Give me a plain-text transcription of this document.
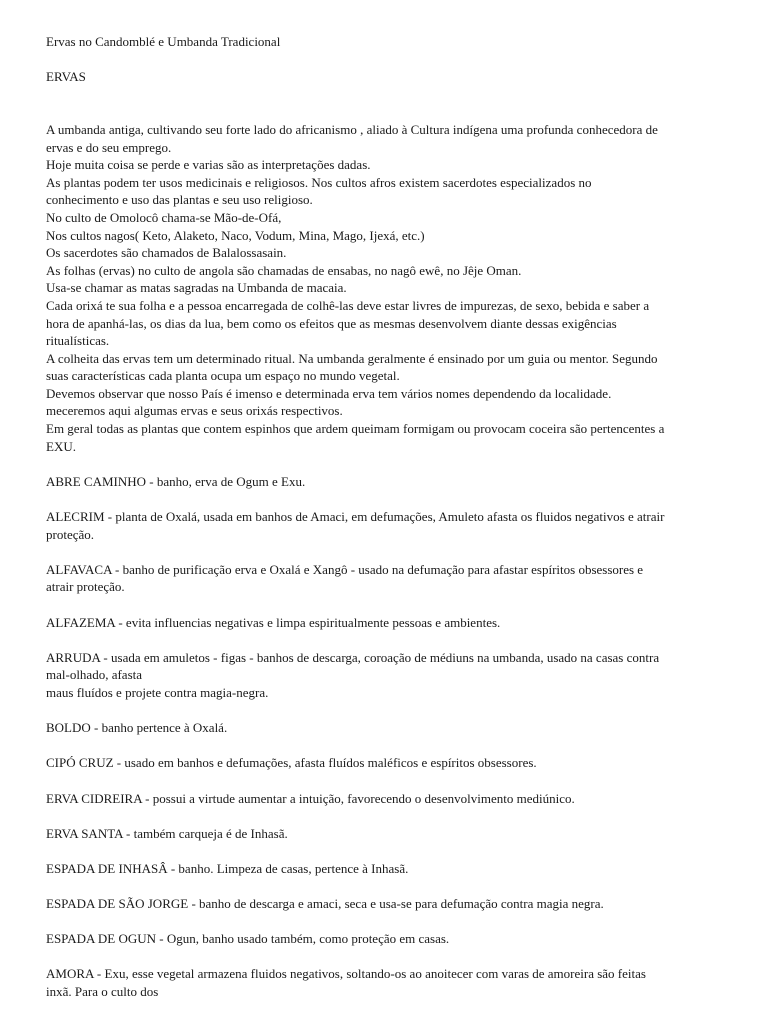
Ervas no Candomblé e Umbanda Tradicional
ERVAS
A umbanda antiga, cultivando seu forte lado do africanismo , aliado à Cultura indígena uma profunda conhecedora de
ervas e do seu emprego.
Hoje muita coisa se perde e varias são as interpretações dadas.
As plantas podem ter usos medicinais e religiosos. Nos cultos afros existem sacerdotes especializados no
conhecimento e uso das plantas e seu uso religioso.
No culto de Omolocô chama-se Mão-de-Ofá,
Nos cultos nagos( Keto, Alaketo, Naco, Vodum, Mina, Mago, Ijexá, etc.)
Os sacerdotes são chamados de Balalossasain.
As folhas (ervas) no culto de angola são chamadas de ensabas, no nagô ewê, no Jêje Oman.
Usa-se chamar as matas sagradas na Umbanda de macaia.
Cada orixá te sua folha e a pessoa encarregada de colhê-las deve estar livres de impurezas, de sexo, bebida e saber a
hora de apanhá-las, os dias da lua, bem como os efeitos que as mesmas desenvolvem diante dessas exigências
ritualísticas.
A colheita das ervas tem um determinado ritual. Na umbanda geralmente é ensinado por um guia ou mentor. Segundo
suas características cada planta ocupa um espaço no mundo vegetal.
Devemos observar que nosso País é imenso e determinada erva tem vários nomes dependendo da localidade.
meceremos aqui algumas ervas e seus orixás respectivos.
Em geral todas as plantas que contem espinhos que ardem queimam formigam ou provocam coceira são pertencentes a
EXU.
ABRE CAMINHO - banho, erva de Ogum e Exu.
ALECRIM - planta de Oxalá, usada em banhos de Amaci, em defumações, Amuleto afasta os fluidos negativos e atrair
proteção.
ALFAVACA - banho de purificação erva e Oxalá e Xangô - usado na defumação para afastar espíritos obsessores e
atrair proteção.
ALFAZEMA - evita influencias negativas e limpa espiritualmente pessoas e ambientes.
ARRUDA - usada em amuletos - figas - banhos de descarga, coroação de médiuns na umbanda, usado na casas contra
mal-olhado, afasta
maus fluídos e projete contra magia-negra.
BOLDO - banho pertence à Oxalá.
CIPÓ CRUZ - usado em banhos e defumações, afasta fluídos maléficos e espíritos obsessores.
ERVA CIDREIRA - possui a virtude aumentar a intuição, favorecendo o desenvolvimento mediúnico.
ERVA SANTA - também carqueja é de Inhasã.
ESPADA DE INHASÂ - banho. Limpeza de casas, pertence à Inhasã.
ESPADA DE SÃO JORGE - banho de descarga e amaci, seca e usa-se para defumação contra magia negra.
ESPADA DE OGUN - Ogun, banho usado também, como proteção em casas.
AMORA - Exu, esse vegetal armazena fluidos negativos, soltando-os ao anoitecer com varas de amoreira são feitas
inxã. Para o culto dos
